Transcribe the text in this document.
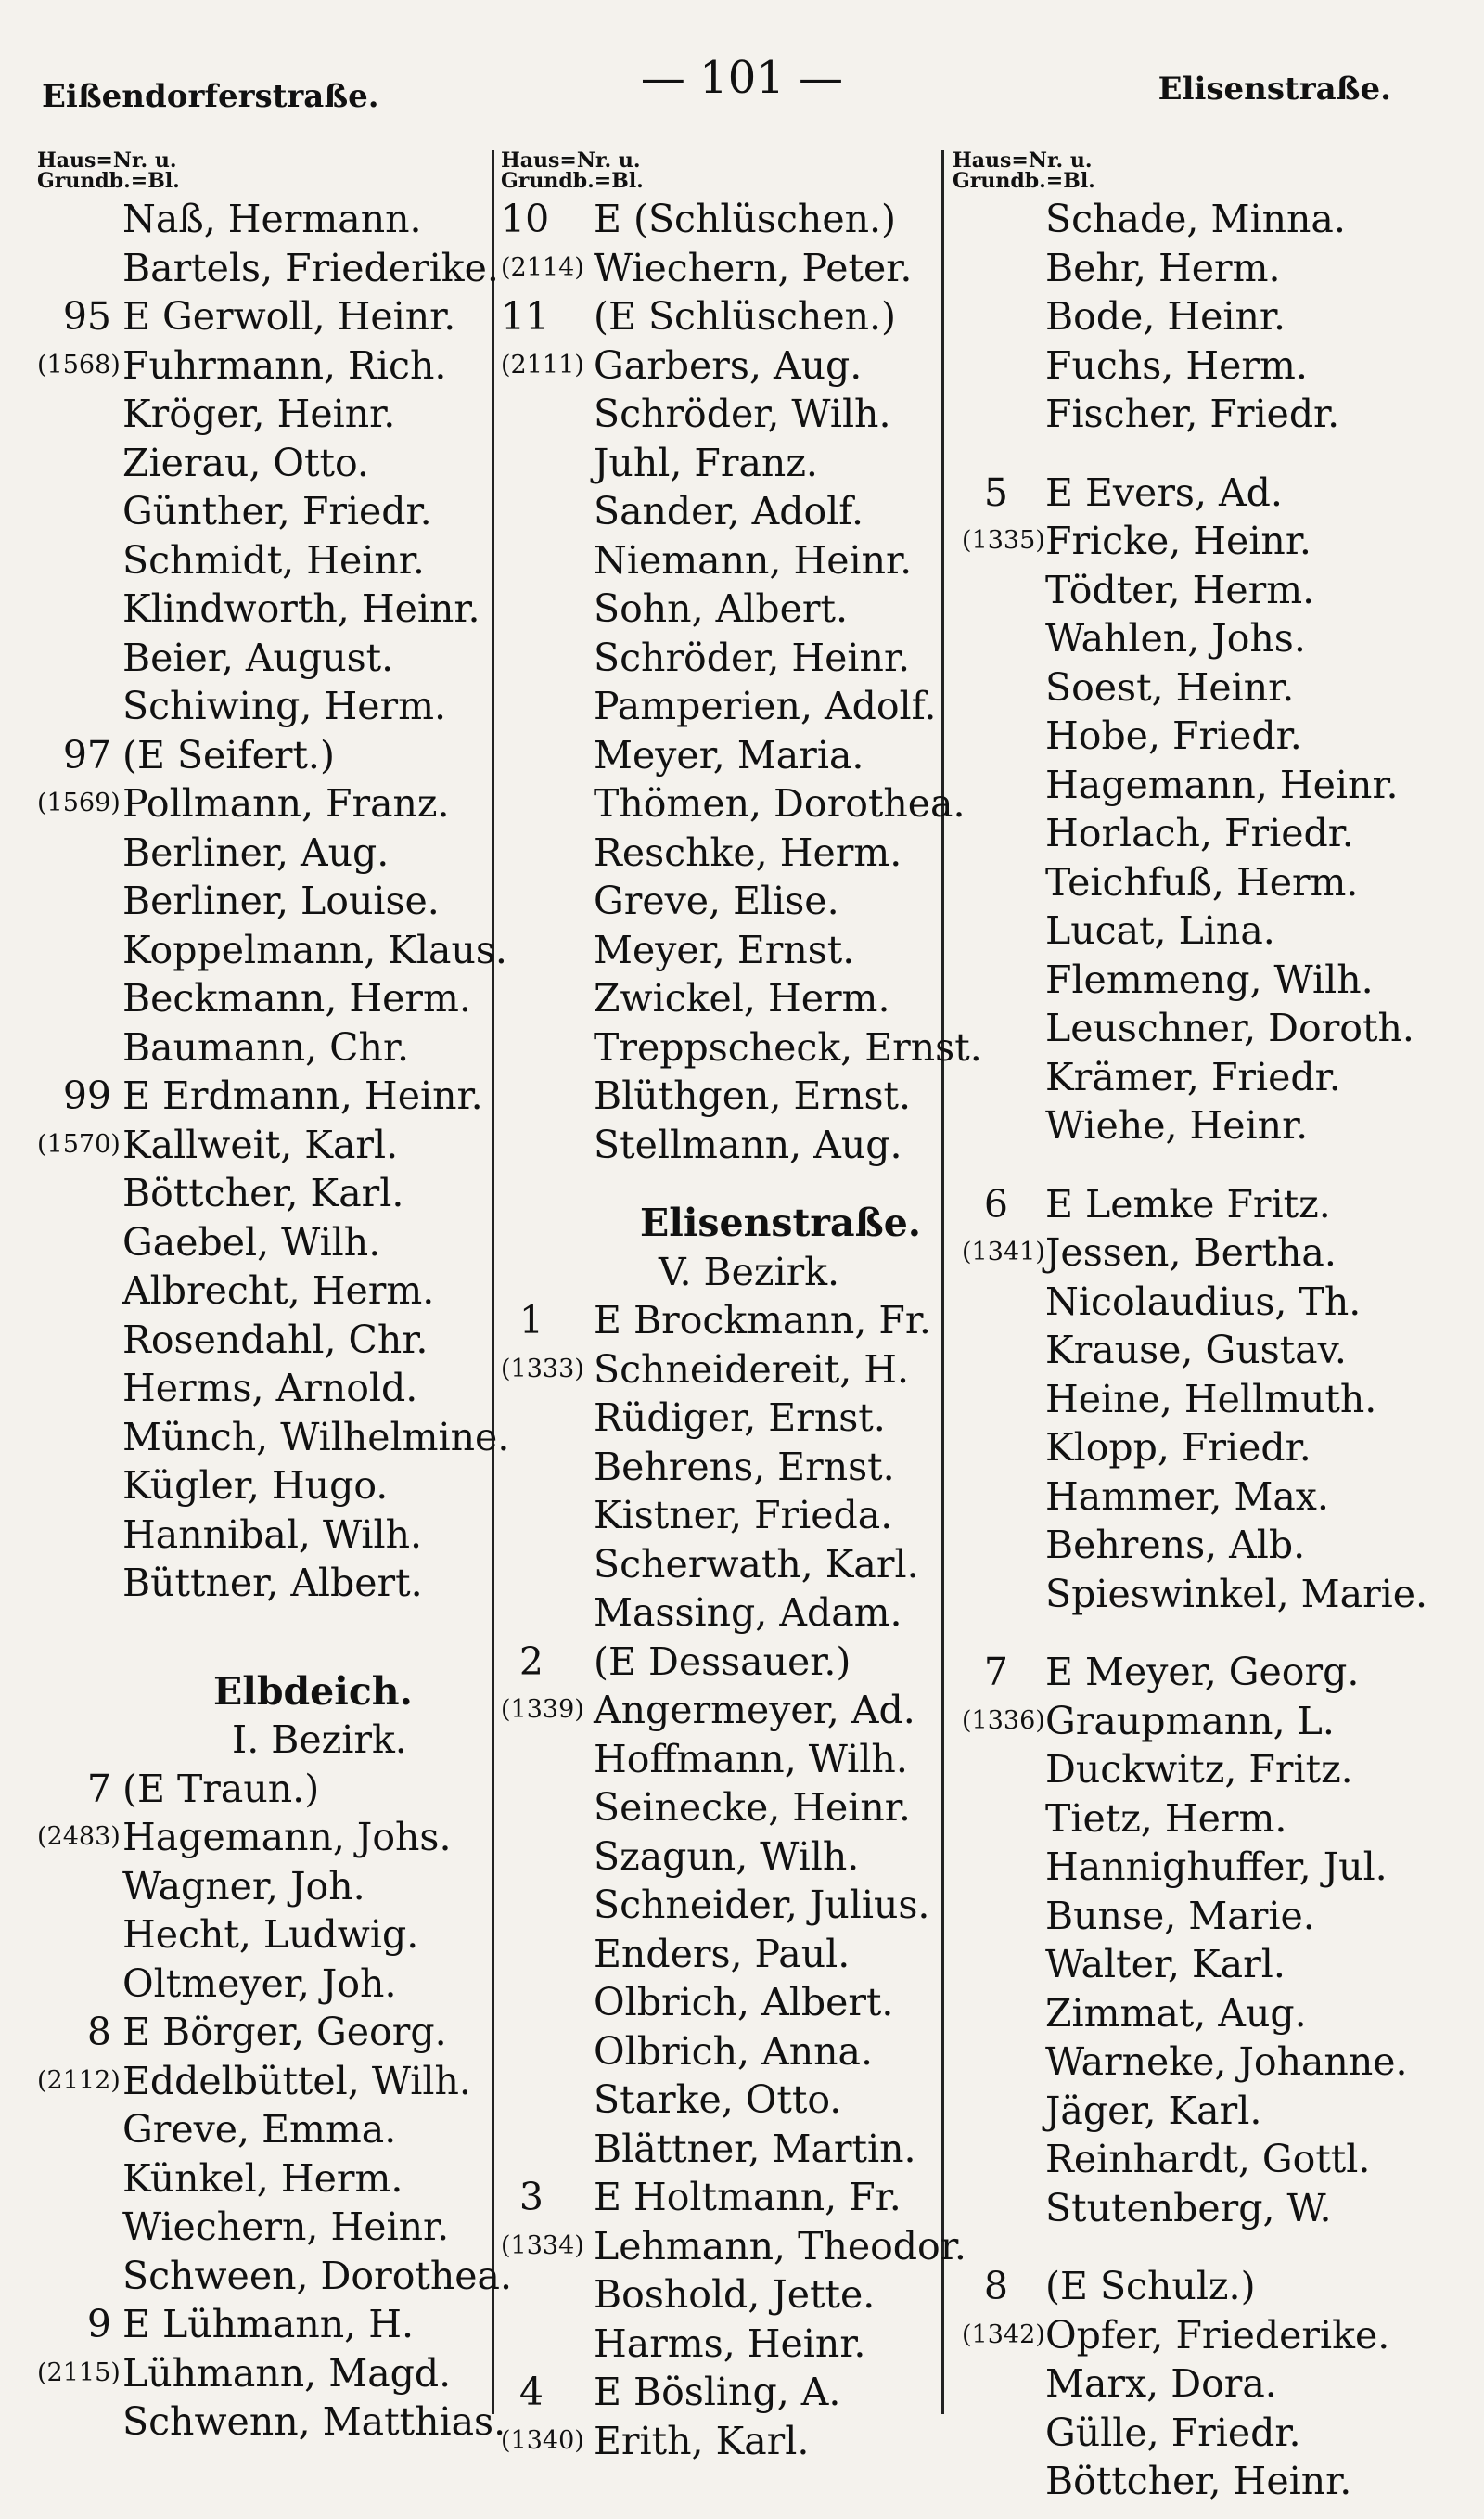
Eißendorferstraße.	— 101 —	Elisenstraße.
Haus=Nr. u.
Grundb.=Bl.
Naß, Hermann.
Bartels, Friederike.
95 E Gerwoll, Heinr.
(1568) Fuhrmann, Rich.
Kröger, Heinr.
Zierau, Otto.
Günther, Friedr.
Schmidt, Heinr.
Klindworth, Heinr.
Beier, August.
Schiwing, Herm.
97 (E Seifert.)
(1569) Pollmann, Franz.
Berliner, Aug.
Berliner, Louise.
Koppelmann, Klaus.
Beckmann, Herm.
Baumann, Chr.
99 E Erdmann, Heinr.
(1570) Kallweit, Karl.
Böttcher, Karl.
Gaebel, Wilh.
Albrecht, Herm.
Rosendahl, Chr.
Herms, Arnold.
Münch, Wilhelmine.
Kügler, Hugo.
Hannibal, Wilh.
Büttner, Albert.
Elbdeich.
I. Bezirk.
7 (E Traun.)
(2483) Hagemann, Johs.
Wagner, Joh.
Hecht, Ludwig.
Oltmeyer, Joh.
8 E Börger, Georg.
(2112) Eddelbüttel, Wilh.
Greve, Emma.
Künkel, Herm.
Wiechern, Heinr.
Schween, Dorothea.
9 E Lühmann, H.
(2115) Lühmann, Magd.
Schwenn, Matthias.
Haus=Nr. u.
Grundb.=Bl.
10 E (Schlüschen.)
(2114) Wiechern, Peter.
11 (E Schlüschen.)
(2111) Garbers, Aug.
Schröder, Wilh.
Juhl, Franz.
Sander, Adolf.
Niemann, Heinr.
Sohn, Albert.
Schröder, Heinr.
Pamperien, Adolf.
Meyer, Maria.
Thömen, Dorothea.
Reschke, Herm.
Greve, Elise.
Meyer, Ernst.
Zwickel, Herm.
Treppscheck, Ernst.
Blüthgen, Ernst.
Stellmann, Aug.
Elisenstraße.
V. Bezirk.
1 E Brockmann, Fr.
(1333) Schneidereit, H.
Rüdiger, Ernst.
Behrens, Ernst.
Kistner, Frieda.
Scherwath, Karl.
Massing, Adam.
2 (E Dessauer.)
(1339) Angermeyer, Ad.
Hoffmann, Wilh.
Seinecke, Heinr.
Szagun, Wilh.
Schneider, Julius.
Enders, Paul.
Olbrich, Albert.
Olbrich, Anna.
Starke, Otto.
Blättner, Martin.
3 E Holtmann, Fr.
(1334) Lehmann, Theodor.
Boshold, Jette.
Harms, Heinr.
4 E Bösling, A.
(1340) Erith, Karl.
Haus=Nr. u.
Grundb.=Bl.
Schade, Minna.
Behr, Herm.
Bode, Heinr.
Fuchs, Herm.
Fischer, Friedr.
5 E Evers, Ad.
(1335) Fricke, Heinr.
Tödter, Herm.
Wahlen, Johs.
Soest, Heinr.
Hobe, Friedr.
Hagemann, Heinr.
Horlach, Friedr.
Teichfuß, Herm.
Lucat, Lina.
Flemmeng, Wilh.
Leuschner, Doroth.
Krämer, Friedr.
Wiehe, Heinr.
6 E Lemke Fritz.
(1341) Jessen, Bertha.
Nicolaudius, Th.
Krause, Gustav.
Heine, Hellmuth.
Klopp, Friedr.
Hammer, Max.
Behrens, Alb.
Spieswinkel, Marie.
7 E Meyer, Georg.
(1336) Graupmann, L.
Duckwitz, Fritz.
Tietz, Herm.
Hannighuffer, Jul.
Bunse, Marie.
Walter, Karl.
Zimmat, Aug.
Warneke, Johanne.
Jäger, Karl.
Reinhardt, Gottl.
Stutenberg, W.
8 (E Schulz.)
(1342) Opfer, Friederike.
Marx, Dora.
Gülle, Friedr.
Böttcher, Heinr.
